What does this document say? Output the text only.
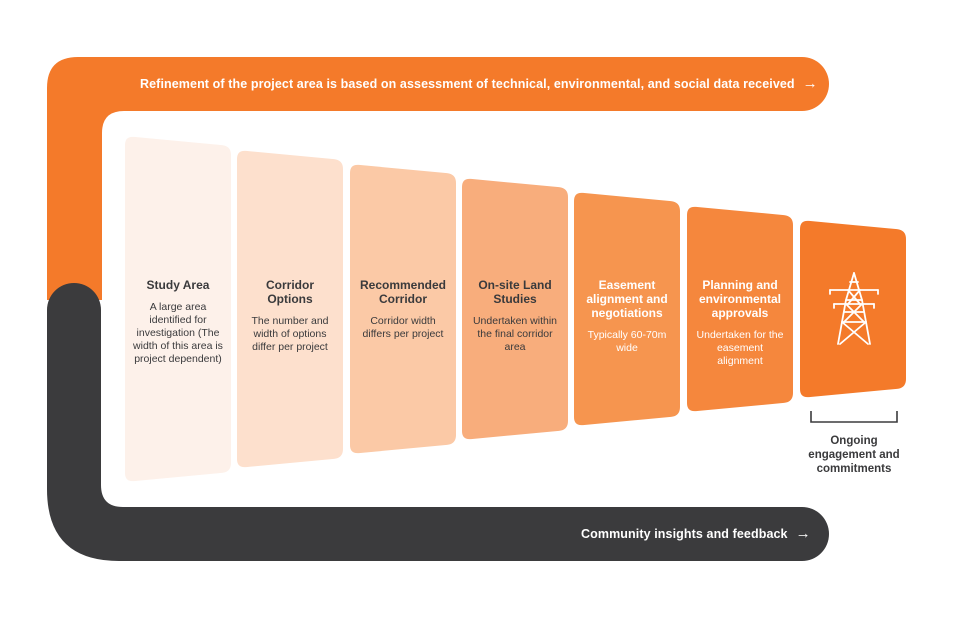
Refinement of the project area is based on assessment of technical, environmental, and social data received →
Community insights and feedback →
Study Area
A large area identified for investigation (The width of this area is project dependent)
Corridor Options
The number and width of options differ per project
Recommended Corridor
Corridor width differs per project
On-site Land Studies
Undertaken within the final corridor area
Easement alignment and negotiations
Typically 60-70m wide
Planning and environmental approvals
Undertaken for the easement alignment
Ongoing engagement and commitments
